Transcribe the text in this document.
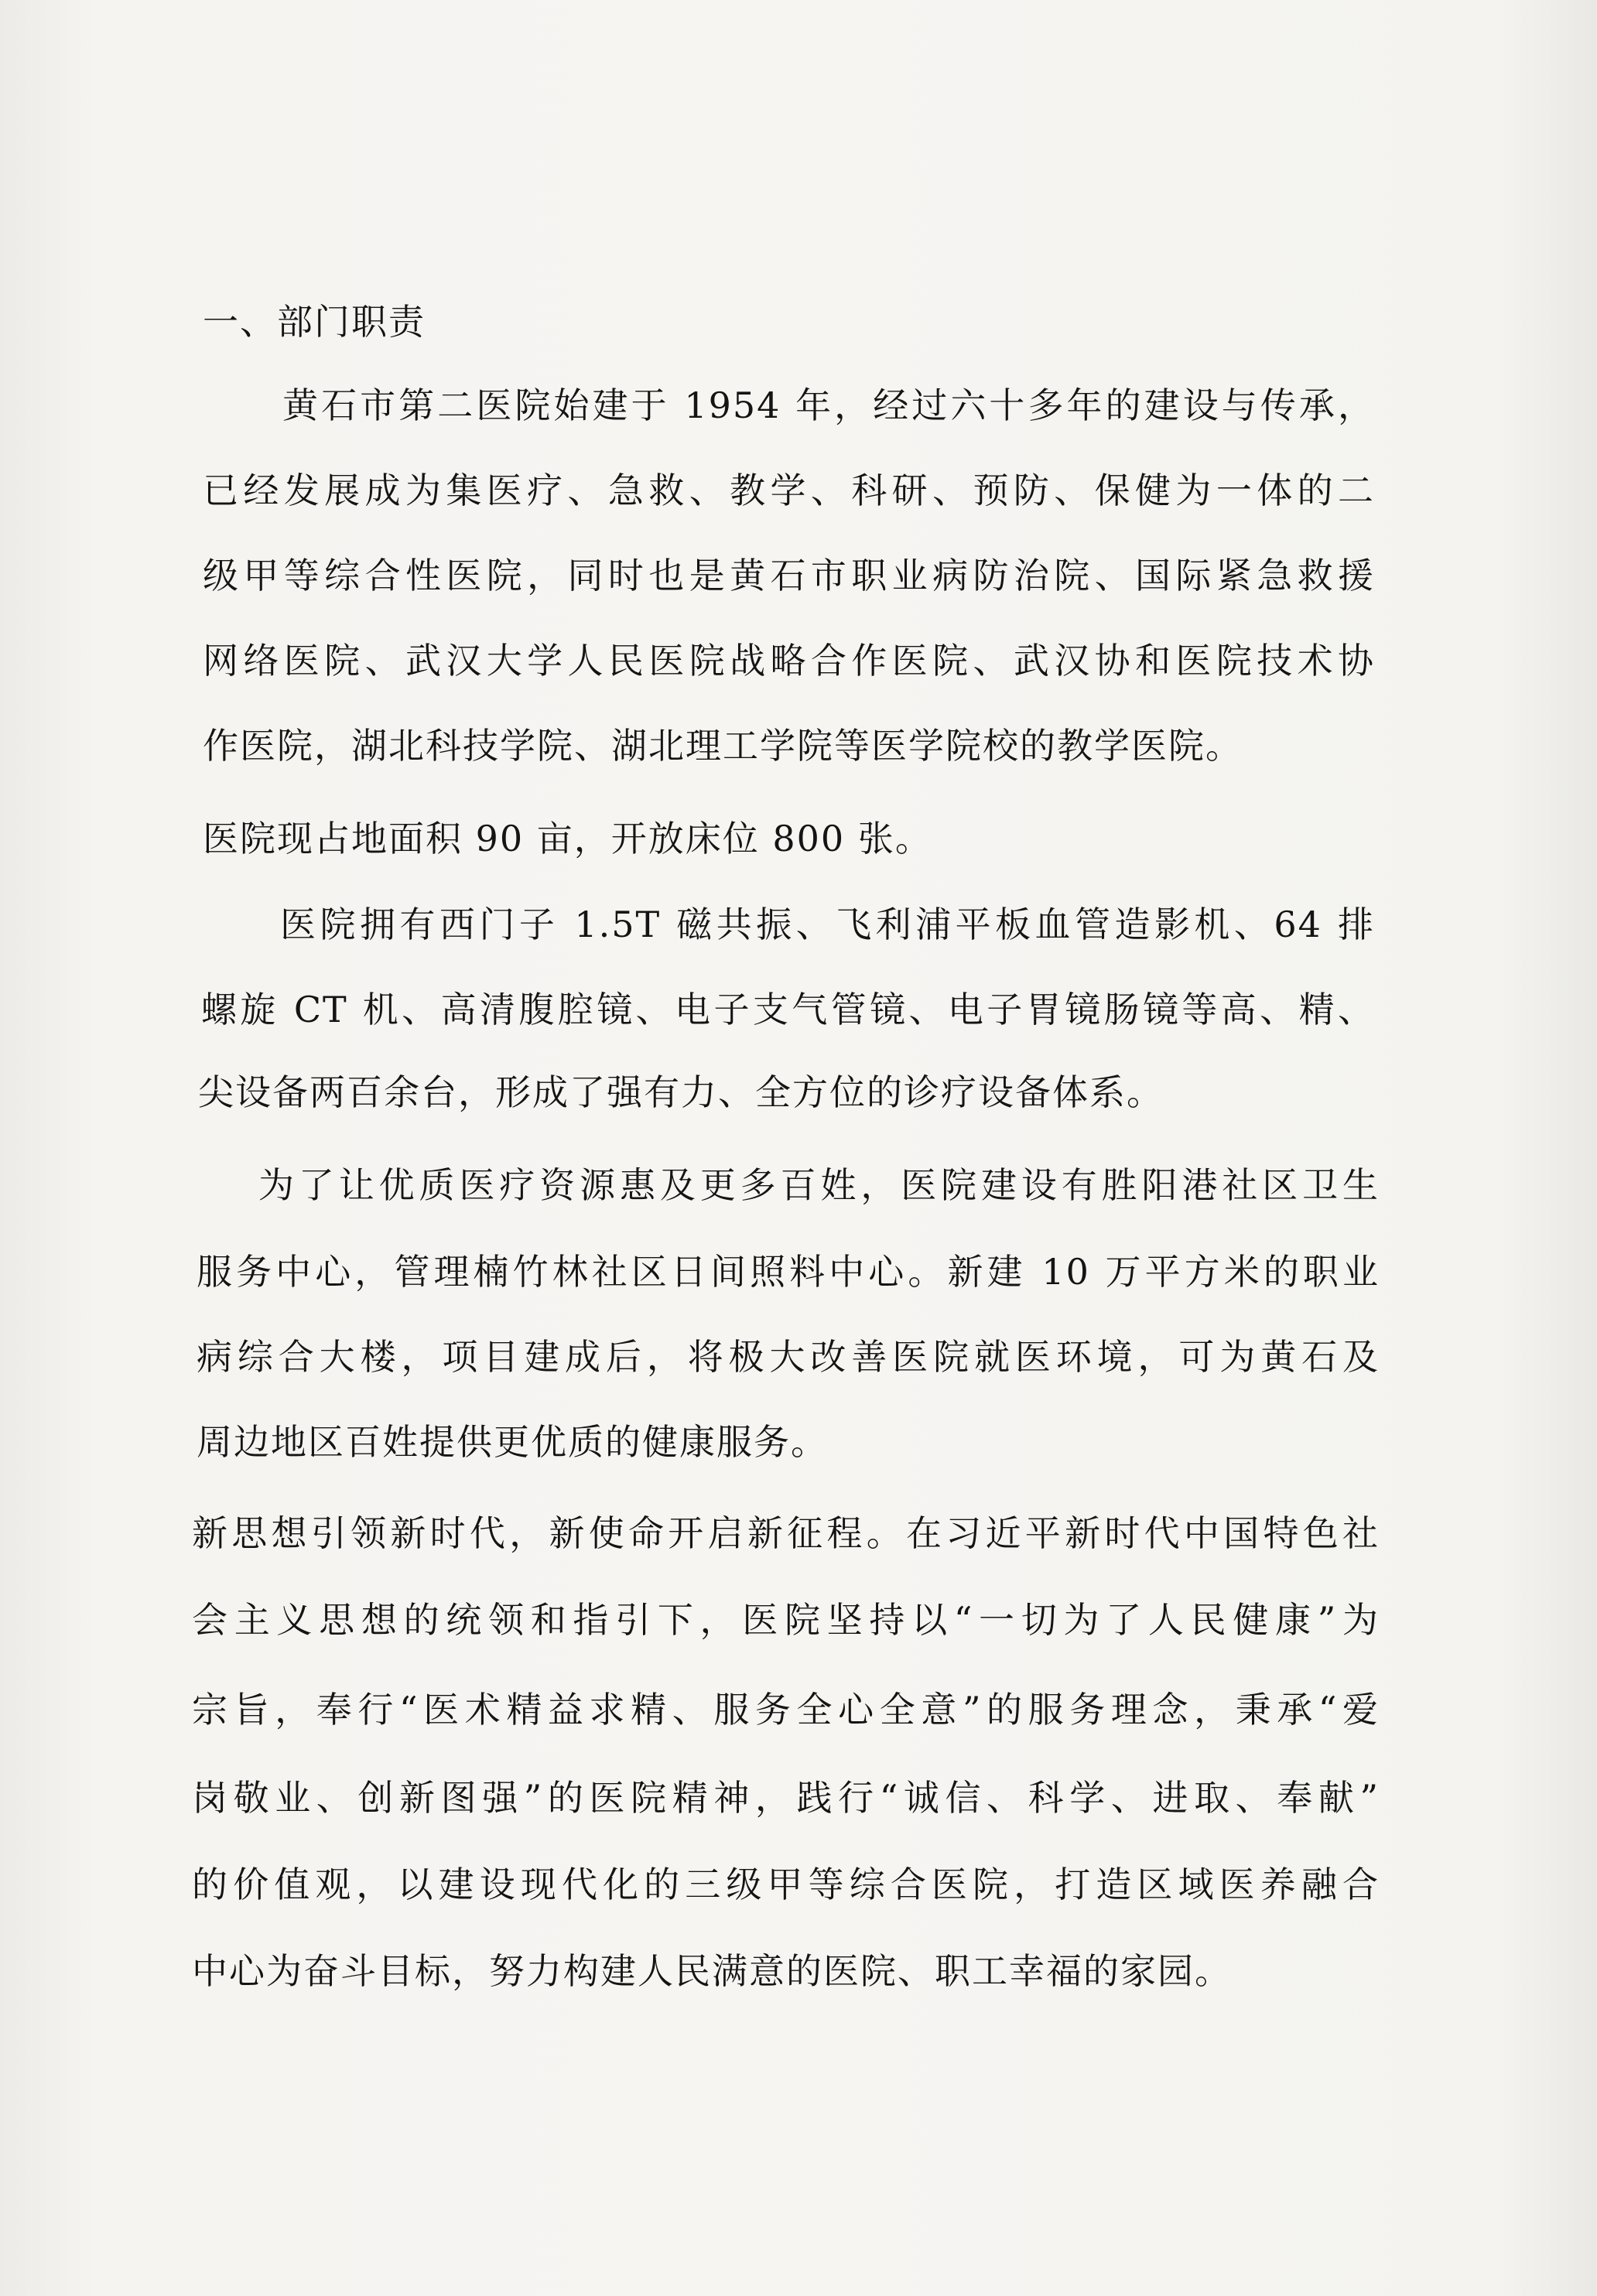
一、部门职责
黄石市第二医院始建于 1954 年，经过六十多年的建设与传承，
已经发展成为集医疗、急救、教学、科研、预防、保健为一体的二
级甲等综合性医院，同时也是黄石市职业病防治院、国际紧急救援
网络医院、武汉大学人民医院战略合作医院、武汉协和医院技术协
作医院，湖北科技学院、湖北理工学院等医学院校的教学医院。
医院现占地面积 90 亩，开放床位 800 张。
医院拥有西门子 1.5T 磁共振、飞利浦平板血管造影机、64 排
螺旋 CT 机、高清腹腔镜、电子支气管镜、电子胃镜肠镜等高、精、
尖设备两百余台，形成了强有力、全方位的诊疗设备体系。
为了让优质医疗资源惠及更多百姓，医院建设有胜阳港社区卫生
服务中心，管理楠竹林社区日间照料中心。新建 10 万平方米的职业
病综合大楼，项目建成后，将极大改善医院就医环境，可为黄石及
周边地区百姓提供更优质的健康服务。
新思想引领新时代，新使命开启新征程。在习近平新时代中国特色社
会主义思想的统领和指引下，医院坚持以“一切为了人民健康”为
宗旨，奉行“医术精益求精、服务全心全意”的服务理念，秉承“爱
岗敬业、创新图强”的医院精神，践行“诚信、科学、进取、奉献”
的价值观，以建设现代化的三级甲等综合医院，打造区域医养融合
中心为奋斗目标，努力构建人民满意的医院、职工幸福的家园。
